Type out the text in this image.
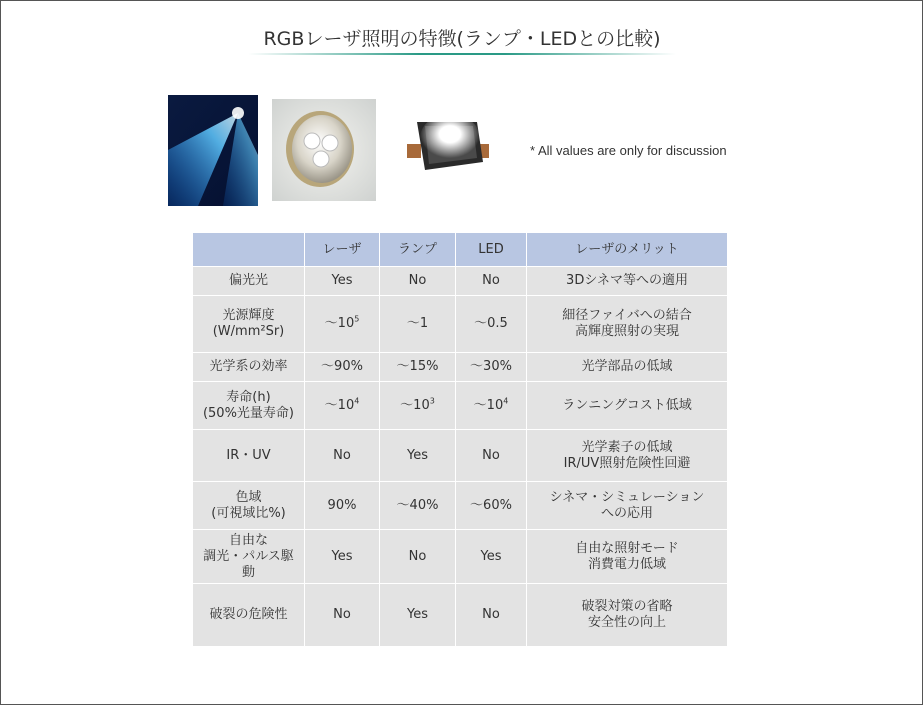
RGBレーザ照明の特徴(ランプ・LEDとの比較)
* All values are only for discussion
	レーザ	ランプ	LED	レーザのメリット
偏光光	Yes	No	No	3Dシネマ等への適用
光源輝度
(W/mm²Sr)	〜$10^5$	〜1	〜0.5	細径ファイバへの結合
高輝度照射の実現
光学系の効率	〜90%	〜15%	〜30%	光学部品の低域
寿命(h)
(50%光量寿命)	〜$10^4$	〜$10^3$	〜$10^4$	ランニングコスト低域
IR・UV	No	Yes	No	光学素子の低域
IR/UV照射危険性回避
色域
(可視域比%)	90%	〜40%	〜60%	シネマ・シミュレーション
への応用
自由な
調光・パルス駆動	Yes	No	Yes	自由な照射モード
消費電力低域
破裂の危険性	No	Yes	No	破裂対策の省略
安全性の向上
